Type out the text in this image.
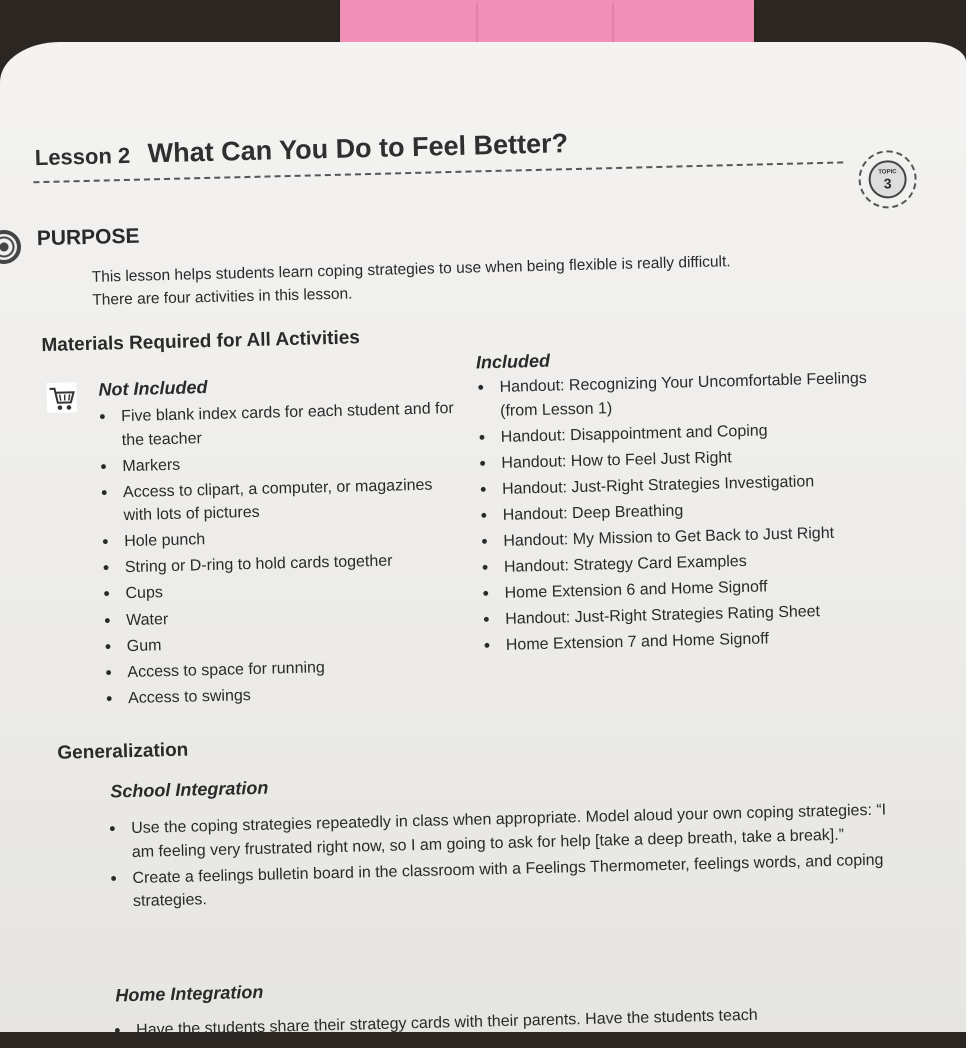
Lesson 2 What Can You Do to Feel Better?
TOPIC
3
PURPOSE
This lesson helps students learn coping strategies to use when being flexible is really difficult.
There are four activities in this lesson.
Materials Required for All Activities
Not Included
• Five blank index cards for each student and for the teacher
• Markers
• Access to clipart, a computer, or magazines with lots of pictures
• Hole punch
• String or D-ring to hold cards together
• Cups
• Water
• Gum
• Access to space for running
• Access to swings
Included
• Handout: Recognizing Your Uncomfortable Feelings (from Lesson 1)
• Handout: Disappointment and Coping
• Handout: How to Feel Just Right
• Handout: Just-Right Strategies Investigation
• Handout: Deep Breathing
• Handout: My Mission to Get Back to Just Right
• Handout: Strategy Card Examples
• Home Extension 6 and Home Signoff
• Handout: Just-Right Strategies Rating Sheet
• Home Extension 7 and Home Signoff
Generalization
School Integration
• Use the coping strategies repeatedly in class when appropriate. Model aloud your own coping strategies: “I am feeling very frustrated right now, so I am going to ask for help [take a deep breath, take a break].”
• Create a feelings bulletin board in the classroom with a Feelings Thermometer, feelings words, and coping strategies.
Home Integration
• Have the students share their strategy cards with their parents. Have the students teach
